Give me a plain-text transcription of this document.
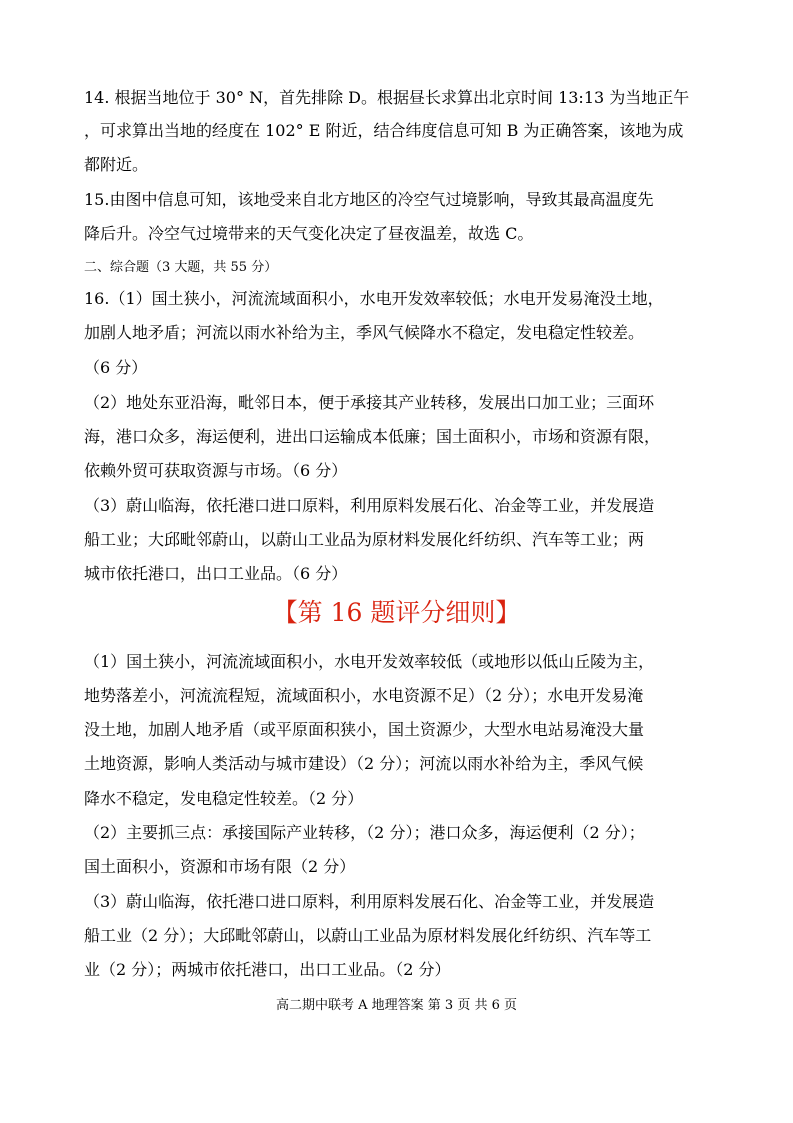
14. 根据当地位于 30° N，首先排除 D。根据昼长求算出北京时间 13:13 为当地正午
，可求算出当地的经度在 102° E 附近，结合纬度信息可知 B 为正确答案，该地为成
都附近。
15.由图中信息可知，该地受来自北方地区的冷空气过境影响，导致其最高温度先
降后升。冷空气过境带来的天气变化决定了昼夜温差，故选 C。
二、综合题（3 大题，共 55 分）
16.（1）国土狭小，河流流域面积小，水电开发效率较低；水电开发易淹没土地，
加剧人地矛盾；河流以雨水补给为主，季风气候降水不稳定，发电稳定性较差。
（6 分）
（2）地处东亚沿海，毗邻日本，便于承接其产业转移，发展出口加工业；三面环
海，港口众多，海运便利，进出口运输成本低廉；国土面积小，市场和资源有限，
依赖外贸可获取资源与市场。（6 分）
（3）蔚山临海，依托港口进口原料，利用原料发展石化、冶金等工业，并发展造
船工业；大邱毗邻蔚山，以蔚山工业品为原材料发展化纤纺织、汽车等工业；两
城市依托港口，出口工业品。（6 分）
【第 16 题评分细则】
（1）国土狭小，河流流域面积小，水电开发效率较低（或地形以低山丘陵为主，
地势落差小，河流流程短，流域面积小，水电资源不足）（2 分）；水电开发易淹
没土地，加剧人地矛盾（或平原面积狭小，国土资源少，大型水电站易淹没大量
土地资源，影响人类活动与城市建设）（2 分）；河流以雨水补给为主，季风气候
降水不稳定，发电稳定性较差。（2 分）
（2）主要抓三点：承接国际产业转移，（2 分）；港口众多，海运便利（2 分）；
国土面积小，资源和市场有限（2 分）
（3）蔚山临海，依托港口进口原料，利用原料发展石化、冶金等工业，并发展造
船工业（2 分）；大邱毗邻蔚山，以蔚山工业品为原材料发展化纤纺织、汽车等工
业（2 分）；两城市依托港口，出口工业品。（2 分）
高二期中联考 A 地理答案 第 3 页 共 6 页
